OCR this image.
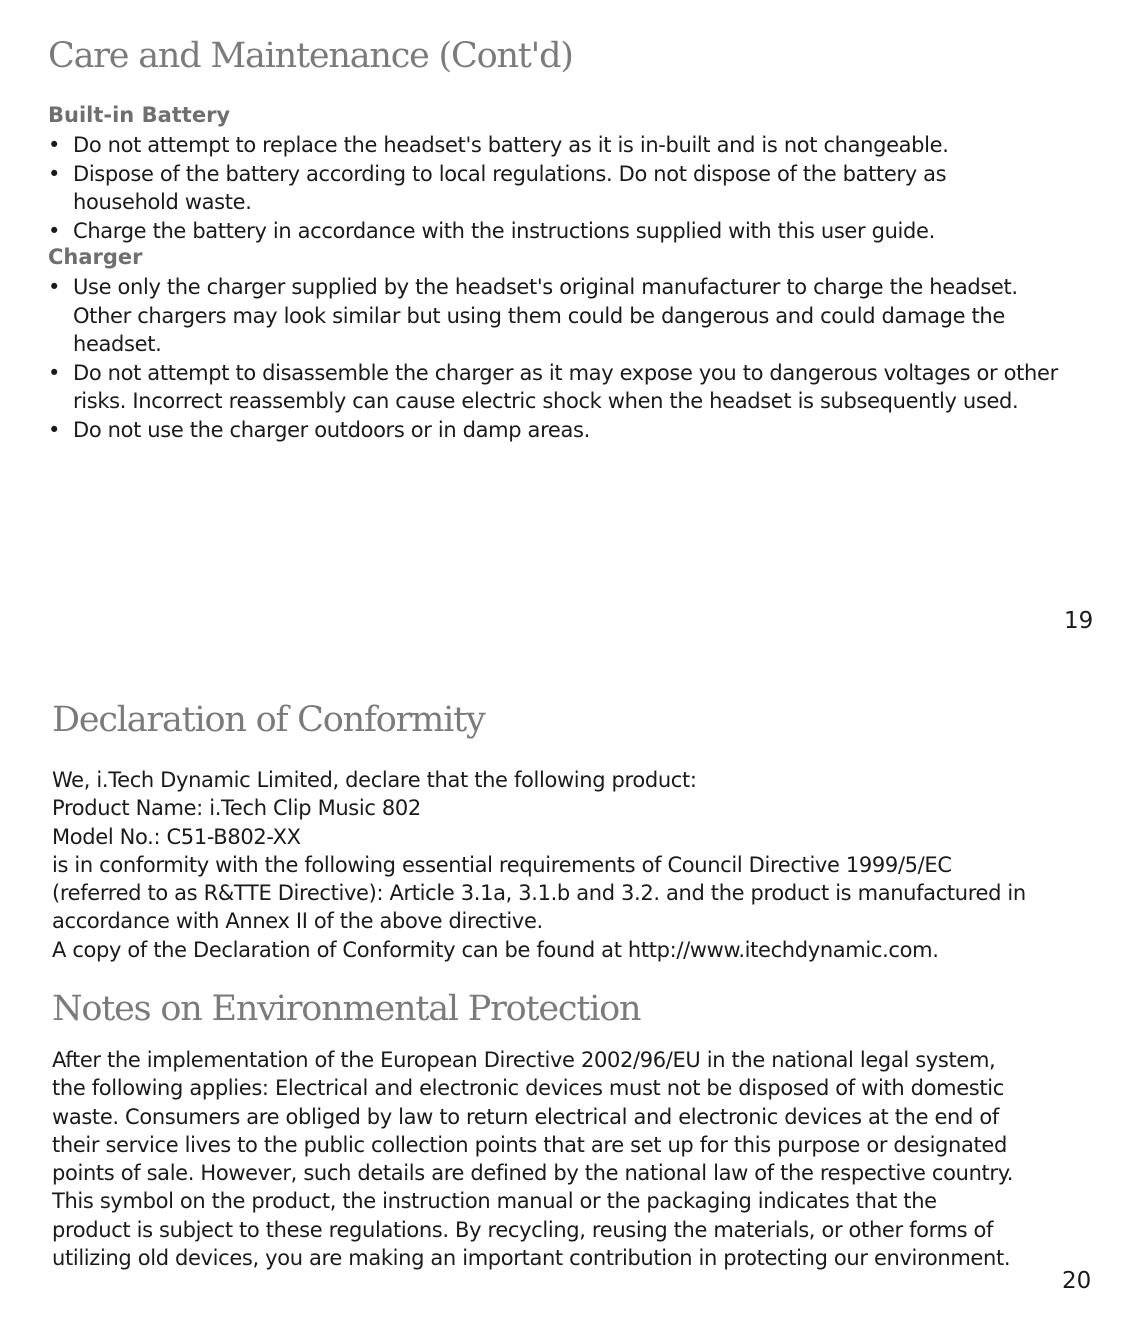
Care and Maintenance (Cont'd)
Built-in Battery
• Do not attempt to replace the headset's battery as it is in-built and is not changeable.
• Dispose of the battery according to local regulations. Do not dispose of the battery as household waste.
• Charge the battery in accordance with the instructions supplied with this user guide.
Charger
• Use only the charger supplied by the headset's original manufacturer to charge the headset. Other chargers may look similar but using them could be dangerous and could damage the headset.
• Do not attempt to disassemble the charger as it may expose you to dangerous voltages or other risks. Incorrect reassembly can cause electric shock when the headset is subsequently used.
• Do not use the charger outdoors or in damp areas.
19
Declaration of Conformity
We, i.Tech Dynamic Limited, declare that the following product:
Product Name: i.Tech Clip Music 802
Model No.: C51-B802-XX
is in conformity with the following essential requirements of Council Directive 1999/5/EC
(referred to as R&TTE Directive): Article 3.1a, 3.1.b and 3.2. and the product is manufactured in
accordance with Annex II of the above directive.
A copy of the Declaration of Conformity can be found at http://www.itechdynamic.com.
Notes on Environmental Protection
After the implementation of the European Directive 2002/96/EU in the national legal system,
the following applies: Electrical and electronic devices must not be disposed of with domestic
waste. Consumers are obliged by law to return electrical and electronic devices at the end of
their service lives to the public collection points that are set up for this purpose or designated
points of sale. However, such details are defined by the national law of the respective country.
This symbol on the product, the instruction manual or the packaging indicates that the
product is subject to these regulations. By recycling, reusing the materials, or other forms of
utilizing old devices, you are making an important contribution in protecting our environment.
20
